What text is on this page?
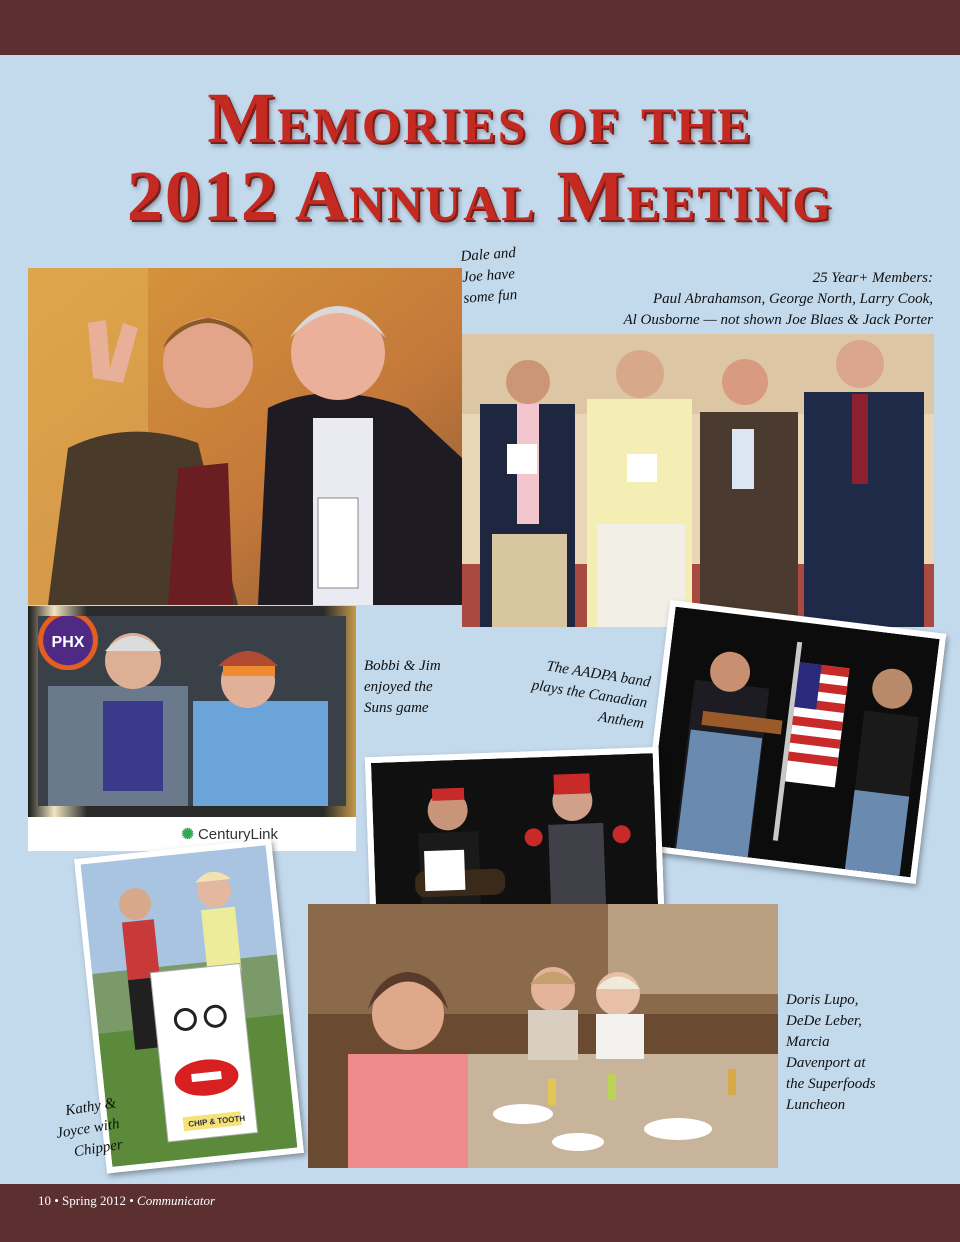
Memories of the
2012 Annual Meeting
Dale and
Joe have
some fun
25 Year+ Members:
Paul Abrahamson, George North, Larry Cook,
Al Ousborne — not shown Joe Blaes & Jack Porter
PHX
✺ CenturyLink
Bobbi & Jim
enjoyed the
Suns game
The AADPA band
plays the Canadian
Anthem
CHIP & TOOTH
Kathy &
Joyce with
Chipper
Doris Lupo,
DeDe Leber,
Marcia
Davenport at
the Superfoods
Luncheon
10 • Spring 2012 • Communicator
